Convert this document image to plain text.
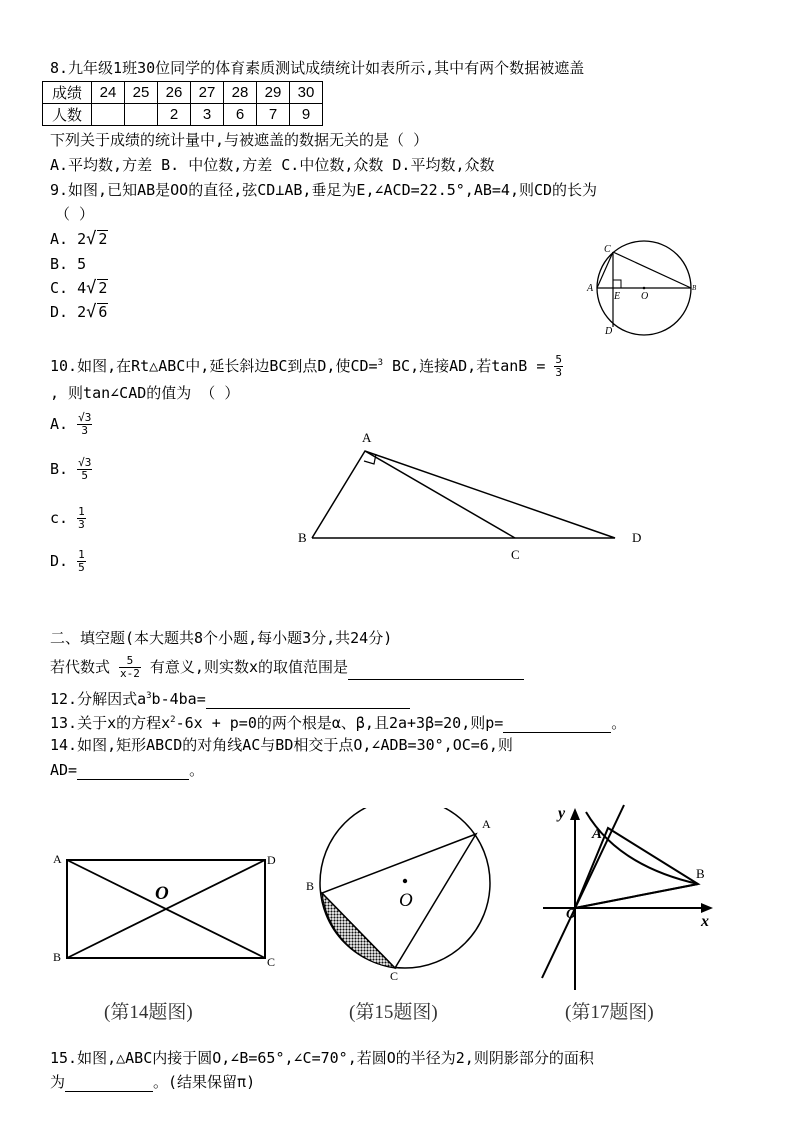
8.九年级1班30位同学的体育素质测试成绩统计如表所示,其中有两个数据被遮盖
成绩	24	25	26	27	28	29	30
人数			2	3	6	7	9
下列关于成绩的统计量中,与被遮盖的数据无关的是（ ）
A.平均数,方差 B. 中位数,方差 C.中位数,众数 D.平均数,众数
9.如图,已知AB是OO的直径,弦CD⊥AB,垂足为E,∠ACD=22.5°,AB=4,则CD的长为
（ ）
A. 2√ 2
B. 5
C. 4√ 2
D. 2√ 6
C
A
E O
B
D
10.如图,在Rt△ABC中,延长斜边BC到点D,使CD=$^3$ BC,连接AD,若$\tan B = \frac{5}{3}$
, 则tan∠CAD的值为 （ ）
A. $\frac{√3}{3}$
B. $\frac{√3}{5}$
c. $\frac{1}{3}$
D. $\frac{1}{5}$
A
B
C
D
二、填空题(本大题共8个小题,每小题3分,共24分)
若代数式 $\frac{5}{x-2}$ 有意义,则实数x的取值范围是
12.分解因式$a^3b-4ba=$
13.关于x的方程$x^2-6x + p=0$的两个根是α、β,且2a+3β=20,则p=	。
14.如图,矩形ABCD的对角线AC与BD相交于点O,∠ADB=30°,OC=6,则
AD=	。
A	D
B	C
O
(第14题图)
A
B
C
O
(第15题图)
y
x
A
B
O
(第17题图)
15.如图,△ABC内接于圆O,∠B=65°,∠C=70°,若圆O的半径为2,则阴影部分的面积
为	。(结果保留π)
